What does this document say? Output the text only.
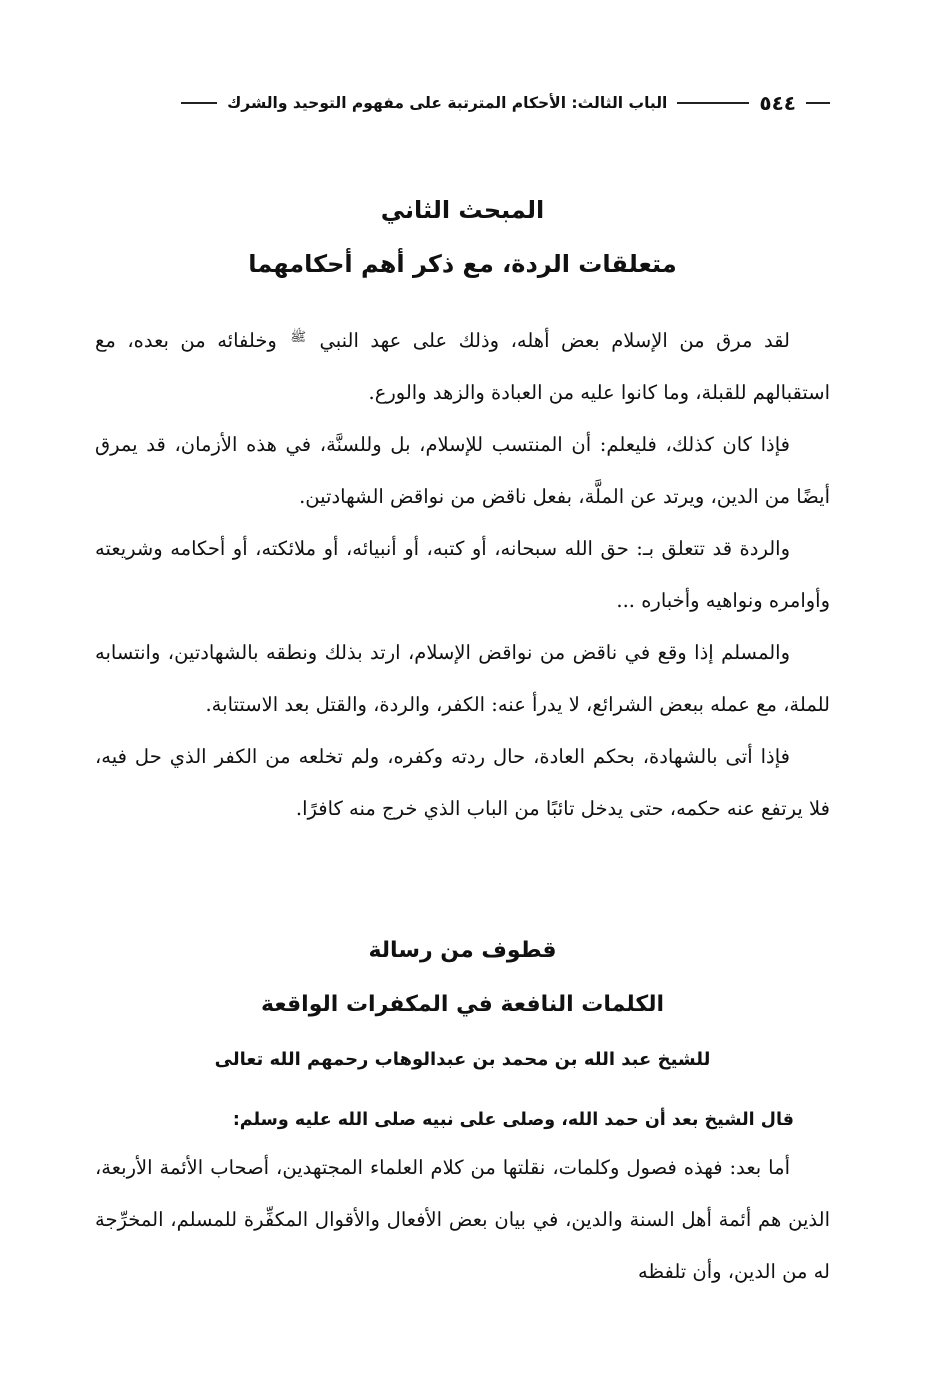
٥٤٤
الباب الثالث: الأحكام المترتبة على مفهوم التوحيد والشرك
المبحث الثاني
متعلقات الردة، مع ذكر أهم أحكامهما

لقد مرق من الإسلام بعض أهله، وذلك على عهد النبي $^ﷺ$ وخلفائه من بعده، مع استقبالهم للقبلة، وما كانوا عليه من العبادة والزهد والورع.

فإذا كان كذلك، فليعلم: أن المنتسب للإسلام، بل وللسنَّة، في هذه الأزمان، قد يمرق أيضًا من الدين، ويرتد عن الملَّة، بفعل ناقض من نواقض الشهادتين.

والردة قد تتعلق بـ: حق الله سبحانه، أو كتبه، أو أنبيائه، أو ملائكته، أو أحكامه وشريعته وأوامره ونواهيه وأخباره ...

والمسلم إذا وقع في ناقض من نواقض الإسلام، ارتد بذلك ونطقه بالشهادتين، وانتسابه للملة، مع عمله ببعض الشرائع، لا يدرأ عنه: الكفر، والردة، والقتل بعد الاستتابة.

فإذا أتى بالشهادة، بحكم العادة، حال ردته وكفره، ولم تخلعه من الكفر الذي حل فيه، فلا يرتفع عنه حكمه، حتى يدخل تائبًا من الباب الذي خرج منه كافرًا.

قطوف من رسالة
الكلمات النافعة في المكفرات الواقعة
للشيخ عبد الله بن محمد بن عبدالوهاب رحمهم الله تعالى
قال الشيخ بعد أن حمد الله، وصلى على نبيه صلى الله عليه وسلم:

أما بعد: فهذه فصول وكلمات، نقلتها من كلام العلماء المجتهدين، أصحاب الأئمة الأربعة، الذين هم أئمة أهل السنة والدين، في بيان بعض الأفعال والأقوال المكفِّرة للمسلم، المخرِّجة له من الدين، وأن تلفظه
